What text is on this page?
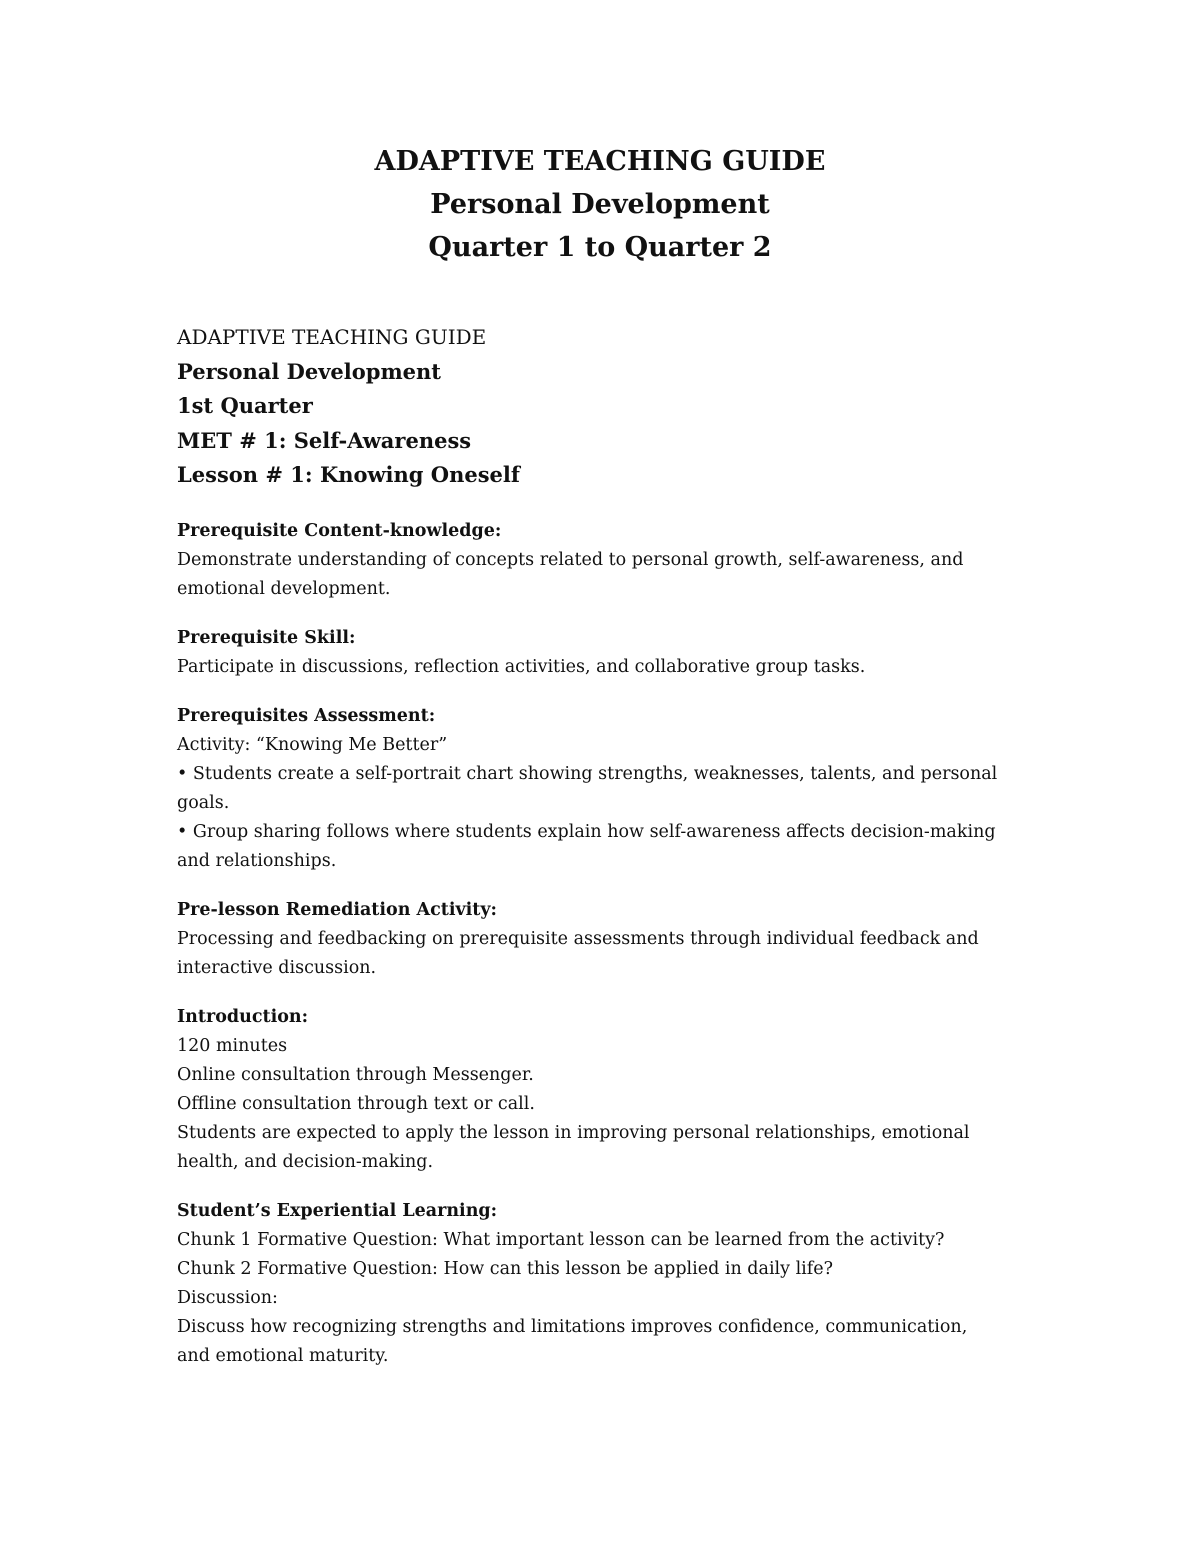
ADAPTIVE TEACHING GUIDE

Personal Development

Quarter 1 to Quarter 2

ADAPTIVE TEACHING GUIDE

Personal Development

1st Quarter

MET # 1: Self-Awareness

Lesson # 1: Knowing Oneself

Prerequisite Content-knowledge:

Demonstrate understanding of concepts related to personal growth, self-awareness, and

emotional development.

Prerequisite Skill:

Participate in discussions, reflection activities, and collaborative group tasks.

Prerequisites Assessment:

Activity: “Knowing Me Better”

• Students create a self-portrait chart showing strengths, weaknesses, talents, and personal

goals.

• Group sharing follows where students explain how self-awareness affects decision-making

and relationships.

Pre-lesson Remediation Activity:

Processing and feedbacking on prerequisite assessments through individual feedback and

interactive discussion.

Introduction:

120 minutes

Online consultation through Messenger.

Offline consultation through text or call.

Students are expected to apply the lesson in improving personal relationships, emotional

health, and decision-making.

Student’s Experiential Learning:

Chunk 1 Formative Question: What important lesson can be learned from the activity?

Chunk 2 Formative Question: How can this lesson be applied in daily life?

Discussion:

Discuss how recognizing strengths and limitations improves confidence, communication,

and emotional maturity.
